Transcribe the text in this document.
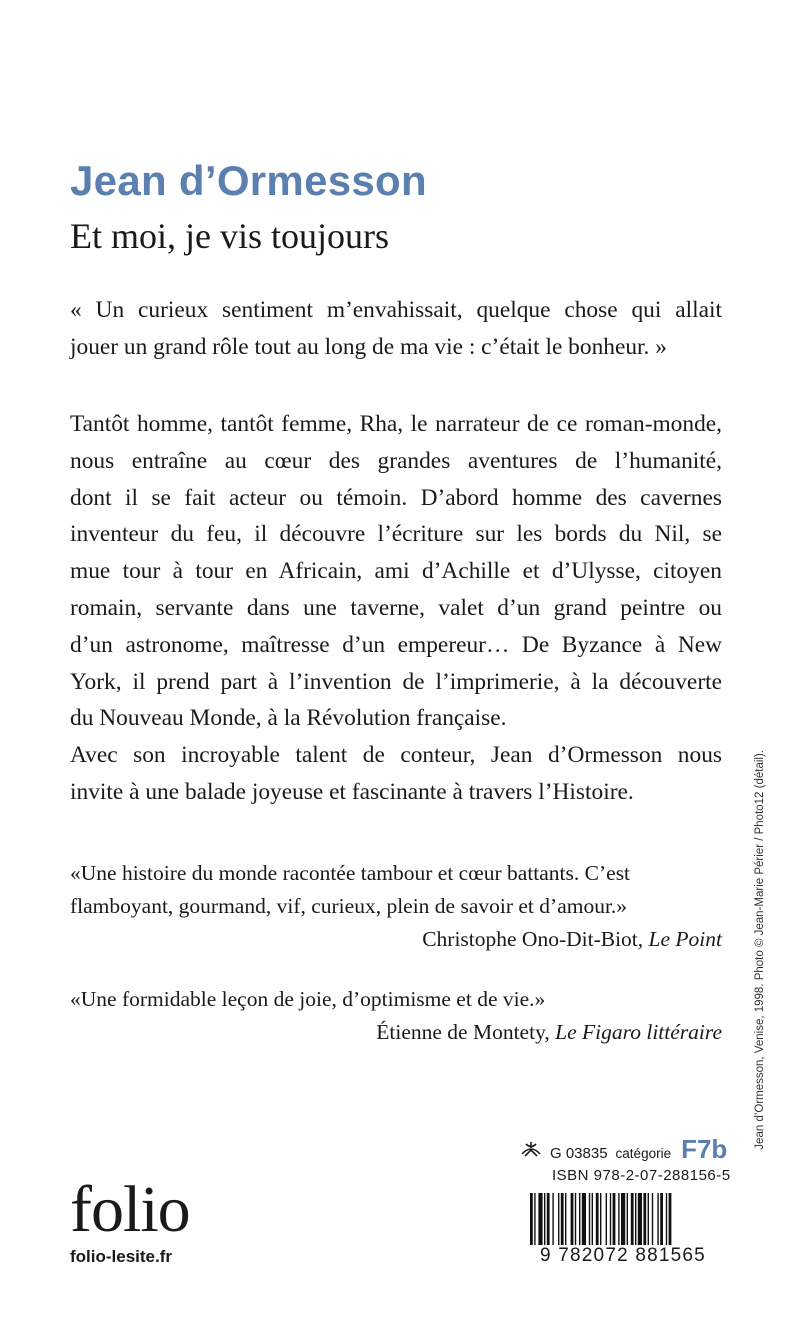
Jean d’Ormesson
Et moi, je vis toujours
« Un curieux sentiment m’envahissait, quelque chose qui allait
jouer un grand rôle tout au long de ma vie : c’était le bonheur. »
Tantôt homme, tantôt femme, Rha, le narrateur de ce roman-monde,
nous entraîne au cœur des grandes aventures de l’humanité,
dont il se fait acteur ou témoin. D’abord homme des cavernes
inventeur du feu, il découvre l’écriture sur les bords du Nil, se
mue tour à tour en Africain, ami d’Achille et d’Ulysse, citoyen
romain, servante dans une taverne, valet d’un grand peintre ou
d’un astronome, maîtresse d’un empereur… De Byzance à New
York, il prend part à l’invention de l’imprimerie, à la découverte
du Nouveau Monde, à la Révolution française.
Avec son incroyable talent de conteur, Jean d’Ormesson nous
invite à une balade joyeuse et fascinante à travers l’Histoire.
«Une histoire du monde racontée tambour et cœur battants. C’est
flamboyant, gourmand, vif, curieux, plein de savoir et d’amour.»
Christophe Ono-Dit-Biot, Le Point
«Une formidable leçon de joie, d’optimisme et de vie.»
Étienne de Montety, Le Figaro littéraire	Jean d’Ormesson, Venise, 1998. Photo © Jean-Marie Périer / Photo12 (détail).
G 03835 catégorie F7b
ISBN 978-2-07-288156-5
folio
folio-lesite.fr	9 782072 881565
